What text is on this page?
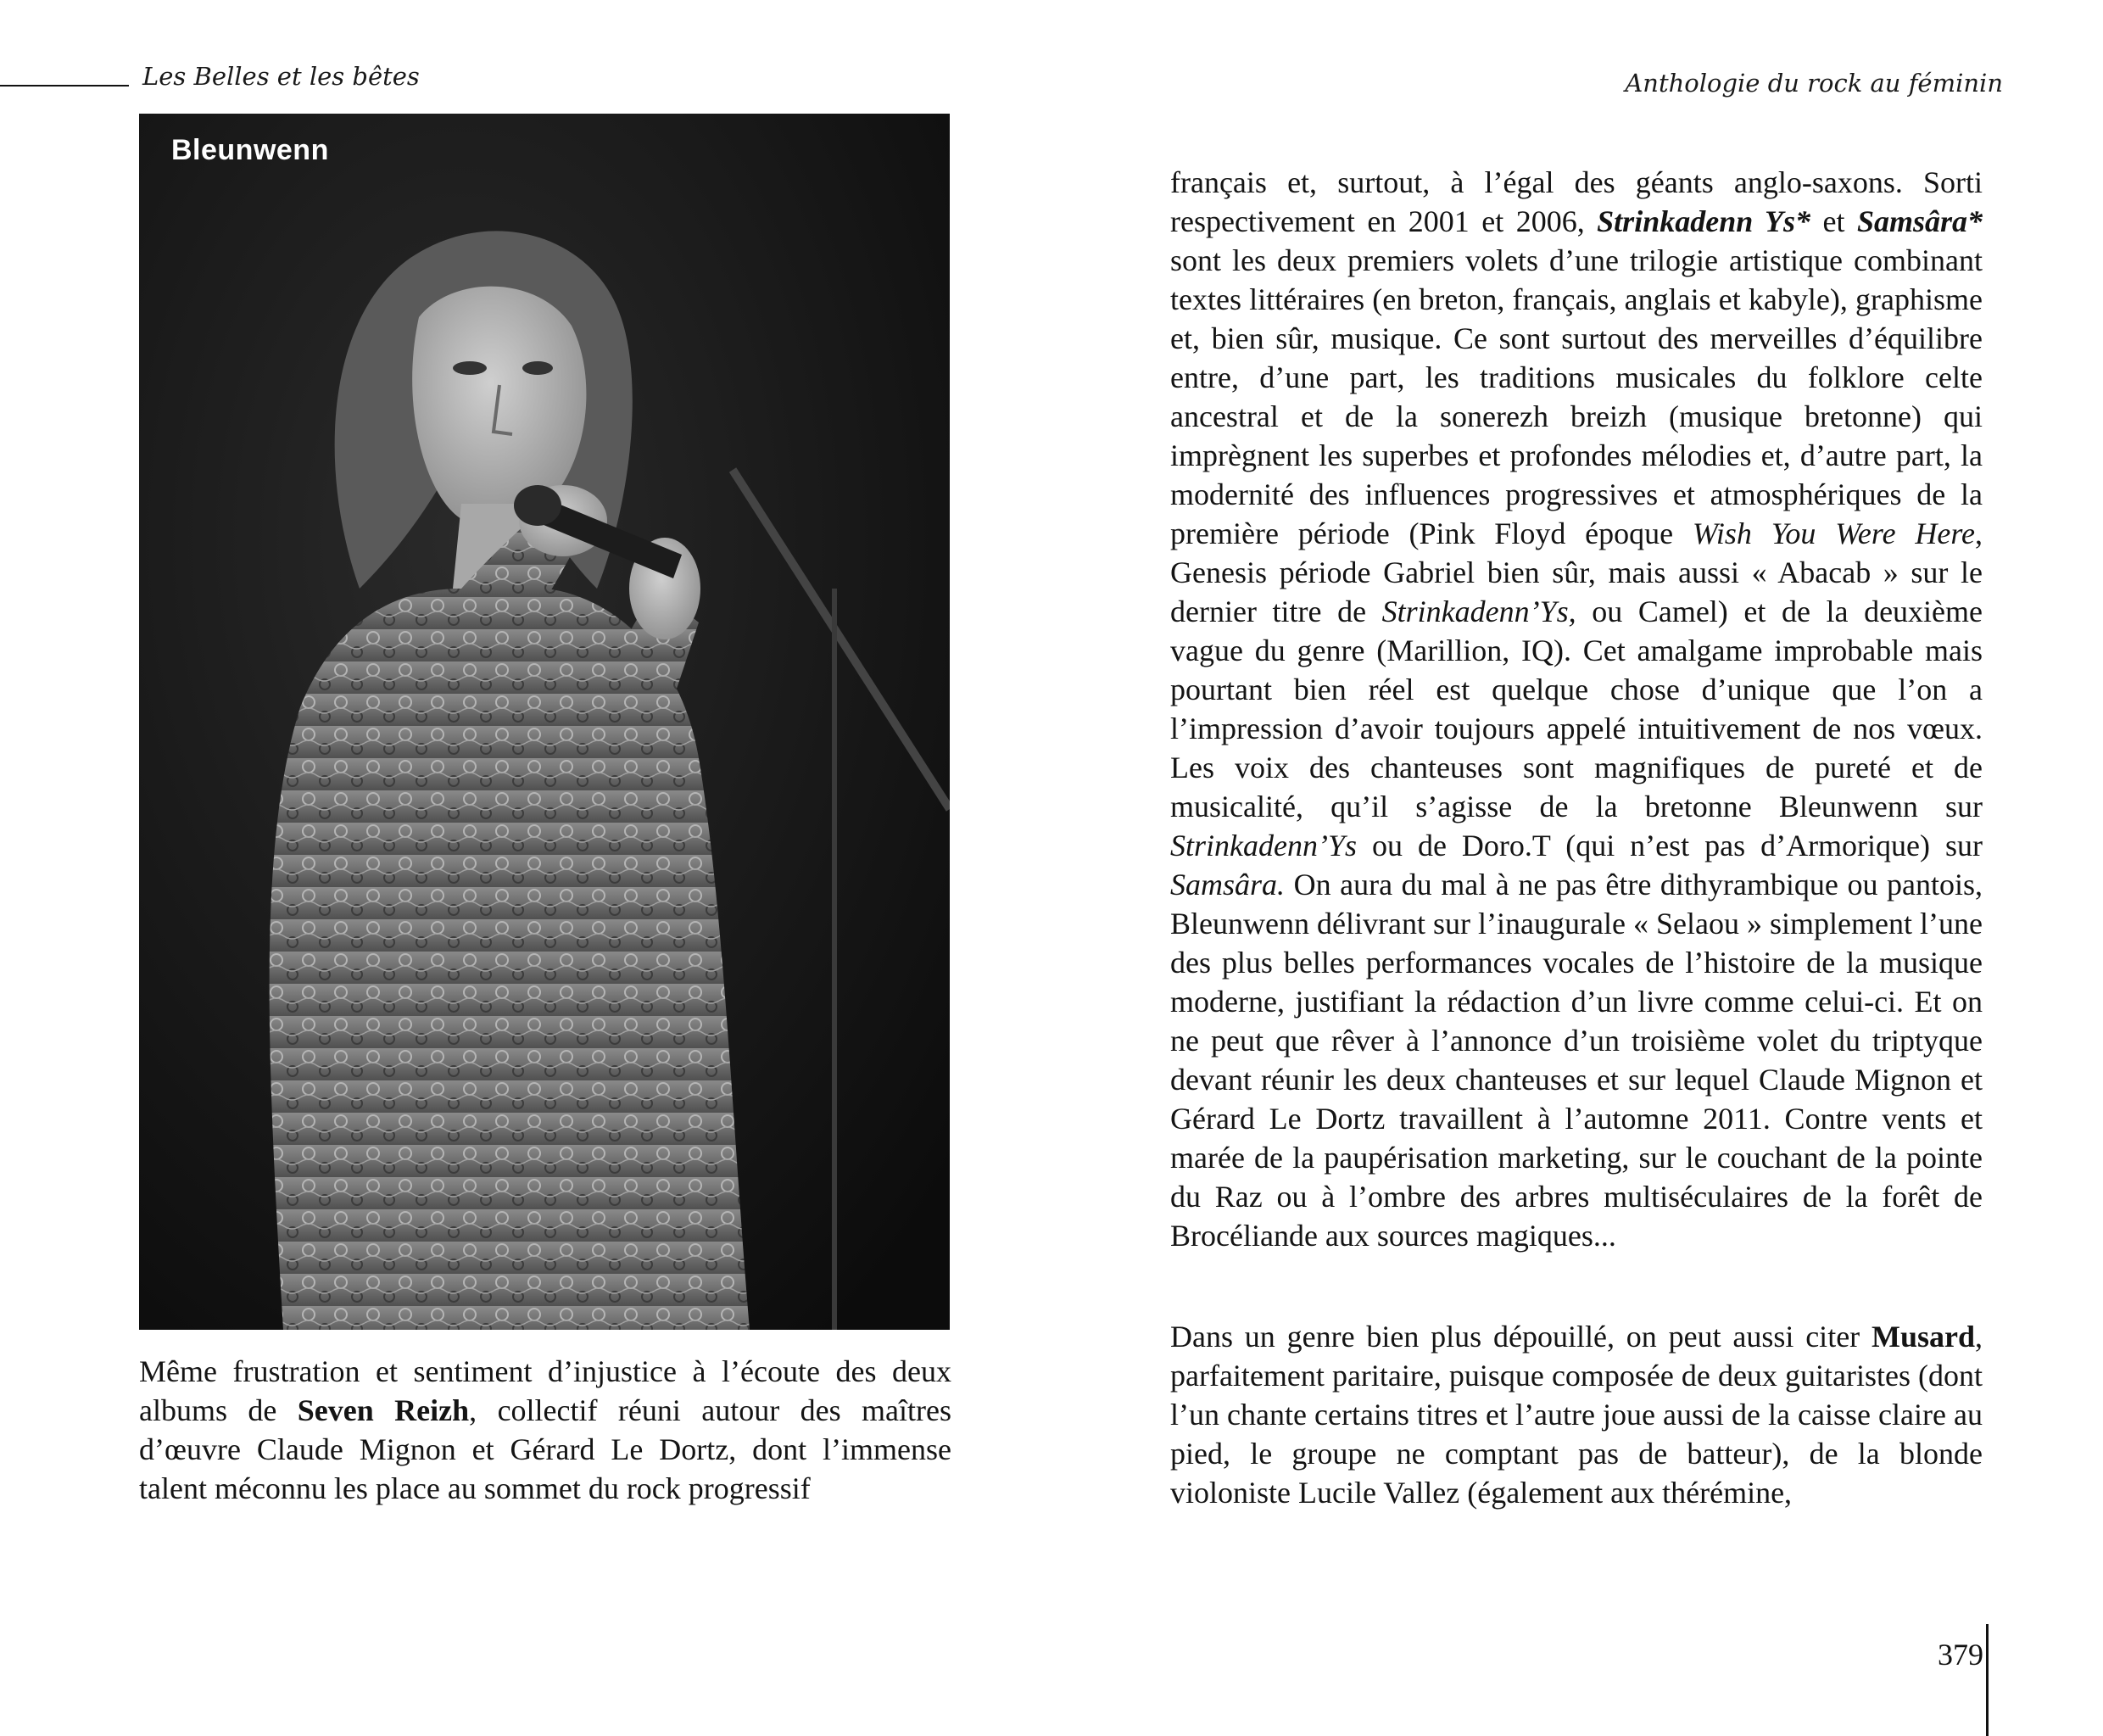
Les Belles et les bêtes	Anthologie du rock au féminin
Bleunwenn

Même frustration et sentiment d’injustice à l’écoute des deux albums de Seven Reizh, collectif réuni autour des maîtres d’œuvre Claude Mignon et Gérard Le Dortz, dont l’immense talent méconnu les place au sommet du rock progressif

français et, surtout, à l’égal des géants anglo-saxons. Sorti respectivement en 2001 et 2006, Strinkadenn Ys* et Samsâra* sont les deux premiers volets d’une trilogie artistique combinant textes littéraires (en breton, français, anglais et kabyle), graphisme et, bien sûr, musique. Ce sont surtout des merveilles d’équilibre entre, d’une part, les traditions musicales du folklore celte ancestral et de la sonerezh breizh (musique bretonne) qui imprègnent les superbes et profondes mélodies et, d’autre part, la modernité des influences progressives et atmosphériques de la première période (Pink Floyd époque Wish You Were Here, Genesis période Gabriel bien sûr, mais aussi « Abacab » sur le dernier titre de Strinkadenn’Ys, ou Camel) et de la deuxième vague du genre (Marillion, IQ). Cet amalgame improbable mais pourtant bien réel est quelque chose d’unique que l’on a l’impression d’avoir toujours appelé intuitivement de nos vœux. Les voix des chanteuses sont magnifiques de pureté et de musicalité, qu’il s’agisse de la bretonne Bleunwenn sur Strinkadenn’Ys ou de Doro.T (qui n’est pas d’Armorique) sur Samsâra. On aura du mal à ne pas être dithyrambique ou pantois, Bleunwenn délivrant sur l’inaugurale « Selaou » simplement l’une des plus belles performances vocales de l’histoire de la musique moderne, justifiant la rédaction d’un livre comme celui-ci. Et on ne peut que rêver à l’annonce d’un troisième volet du triptyque devant réunir les deux chanteuses et sur lequel Claude Mignon et Gérard Le Dortz travaillent à l’automne 2011. Contre vents et marée de la paupérisation marketing, sur le couchant de la pointe du Raz ou à l’ombre des arbres multiséculaires de la forêt de Brocéliande aux sources magiques...

Dans un genre bien plus dépouillé, on peut aussi citer Musard, parfaitement paritaire, puisque composée de deux guitaristes (dont l’un chante certains titres et l’autre joue aussi de la caisse claire au pied, le groupe ne comptant pas de batteur), de la blonde violoniste Lucile Vallez (également aux thérémine,

379
